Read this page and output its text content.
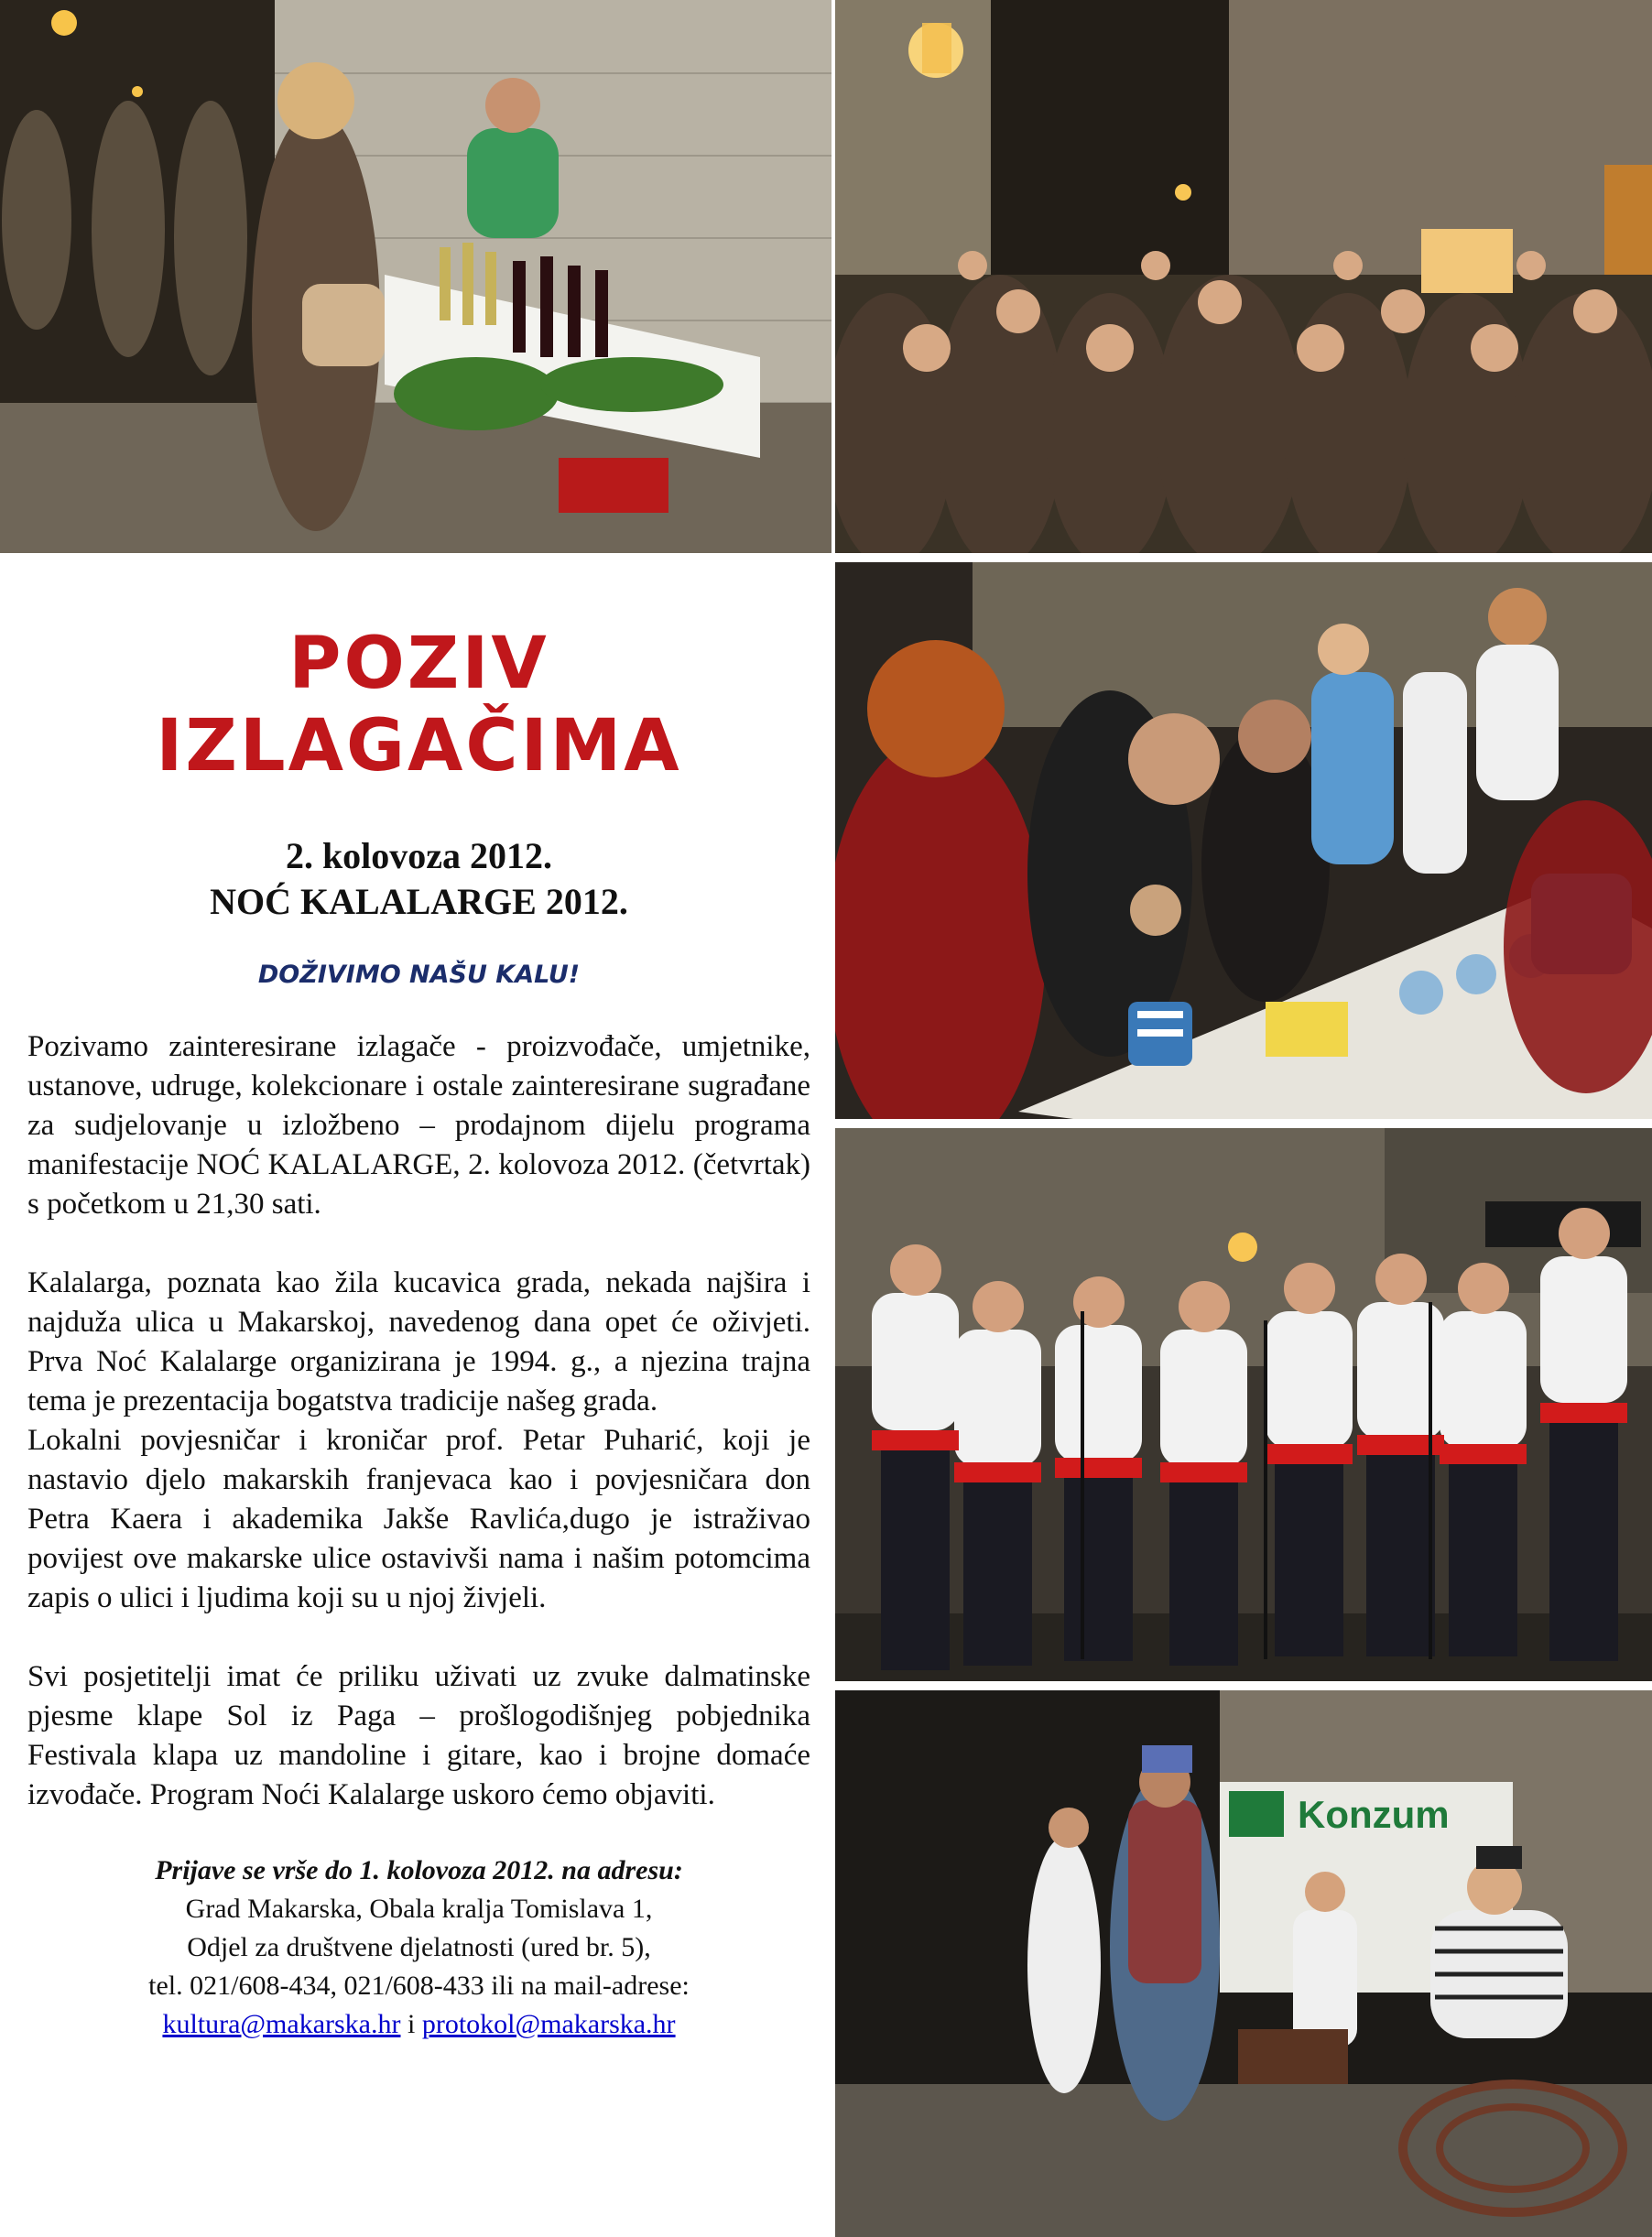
Konzum
POZIV
IZLAGAČIMA

2. kolovoza 2012.

NOĆ KALALARGE 2012.

DOŽIVIMO NAŠU KALU!

Pozivamo zainteresirane izlagače - proizvođače, umjetnike, ustanove, udruge, kolekcionare i ostale zainteresirane sugrađane za sudjelovanje u izložbeno – prodajnom dijelu programa manifestacije NOĆ KALALARGE, 2. kolovoza 2012. (četvrtak) s početkom u 21,30 sati.

Kalalarga, poznata kao žila kucavica grada, nekada najšira i najduža ulica u Makarskoj, navedenog dana opet će oživjeti. Prva Noć Kalalarge organizirana je 1994. g., a njezina trajna tema je prezentacija bogatstva tradicije našeg grada.

Lokalni povjesničar i kroničar prof. Petar Puharić, koji je nastavio djelo makarskih franjevaca kao i povjesničara don Petra Kaera i akademika Jakše Ravlića,dugo je istraživao povijest ove makarske ulice ostavivši nama i našim potomcima zapis o ulici i ljudima koji su u njoj živjeli.

Svi posjetitelji imat će priliku uživati uz zvuke dalmatinske pjesme klape Sol iz Paga – prošlogodišnjeg pobjednika Festivala klapa uz mandoline i gitare, kao i brojne domaće izvođače. Program Noći Kalalarge uskoro ćemo objaviti.

Prijave se vrše do 1. kolovoza 2012. na adresu:
Grad Makarska, Obala kralja Tomislava 1,
Odjel za društvene djelatnosti (ured br. 5),
tel. 021/608-434, 021/608-433 ili na mail-adrese:
kultura@makarska.hr i protokol@makarska.hr
